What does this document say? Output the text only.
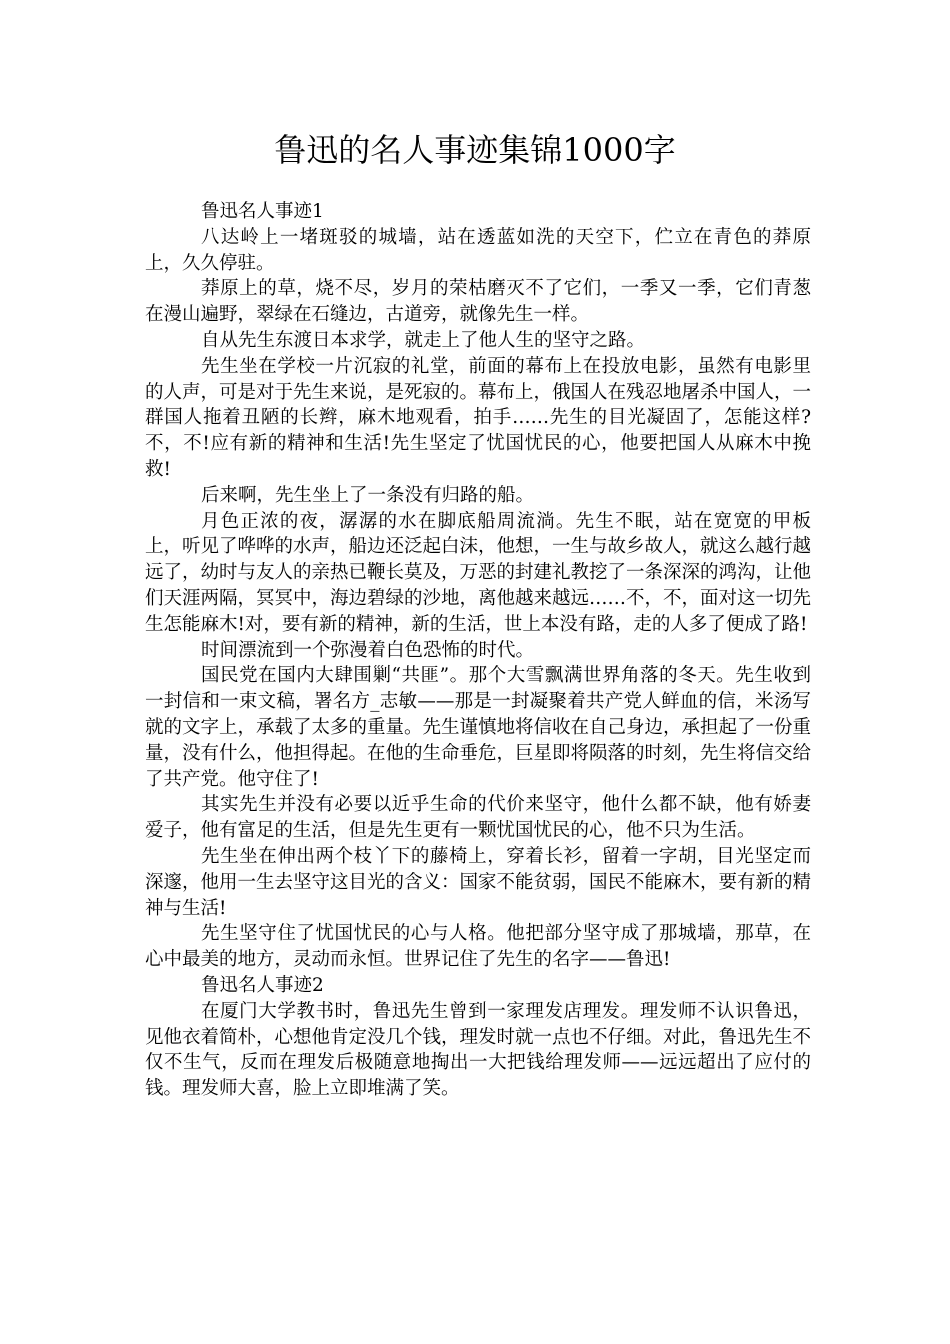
鲁迅的名人事迹集锦1000字

鲁迅名人事迹1

八达岭上一堵斑驳的城墙，站在透蓝如洗的天空下，伫立在青色的莽原上，久久停驻。

莽原上的草，烧不尽，岁月的荣枯磨灭不了它们，一季又一季，它们青葱在漫山遍野，翠绿在石缝边，古道旁，就像先生一样。

自从先生东渡日本求学，就走上了他人生的坚守之路。

先生坐在学校一片沉寂的礼堂，前面的幕布上在投放电影，虽然有电影里的人声，可是对于先生来说，是死寂的。幕布上，俄国人在残忍地屠杀中国人，一群国人拖着丑陋的长辫，麻木地观看，拍手……先生的目光凝固了，怎能这样?不，不!应有新的精神和生活!先生坚定了忧国忧民的心，他要把国人从麻木中挽救!

后来啊，先生坐上了一条没有归路的船。

月色正浓的夜，潺潺的水在脚底船周流淌。先生不眠，站在宽宽的甲板上，听见了哗哗的水声，船边还泛起白沫，他想，一生与故乡故人，就这么越行越远了，幼时与友人的亲热已鞭长莫及，万恶的封建礼教挖了一条深深的鸿沟，让他们天涯两隔，冥冥中，海边碧绿的沙地，离他越来越远……不，不，面对这一切先生怎能麻木!对，要有新的精神，新的生活，世上本没有路，走的人多了便成了路!

时间漂流到一个弥漫着白色恐怖的时代。

国民党在国内大肆围剿“共匪”。那个大雪飘满世界角落的冬天。先生收到一封信和一束文稿，署名方_志敏——那是一封凝聚着共产党人鲜血的信，米汤写就的文字上，承载了太多的重量。先生谨慎地将信收在自己身边，承担起了一份重量，没有什么，他担得起。在他的生命垂危，巨星即将陨落的时刻，先生将信交给了共产党。他守住了!

其实先生并没有必要以近乎生命的代价来坚守，他什么都不缺，他有娇妻爱子，他有富足的生活，但是先生更有一颗忧国忧民的心，他不只为生活。

先生坐在伸出两个枝丫下的藤椅上，穿着长衫，留着一字胡，目光坚定而深邃，他用一生去坚守这目光的含义：国家不能贫弱，国民不能麻木，要有新的精神与生活!

先生坚守住了忧国忧民的心与人格。他把部分坚守成了那城墙，那草，在心中最美的地方，灵动而永恒。世界记住了先生的名字——鲁迅!

鲁迅名人事迹2

在厦门大学教书时，鲁迅先生曾到一家理发店理发。理发师不认识鲁迅，见他衣着简朴，心想他肯定没几个钱，理发时就一点也不仔细。对此，鲁迅先生不仅不生气，反而在理发后极随意地掏出一大把钱给理发师——远远超出了应付的钱。理发师大喜，脸上立即堆满了笑。
